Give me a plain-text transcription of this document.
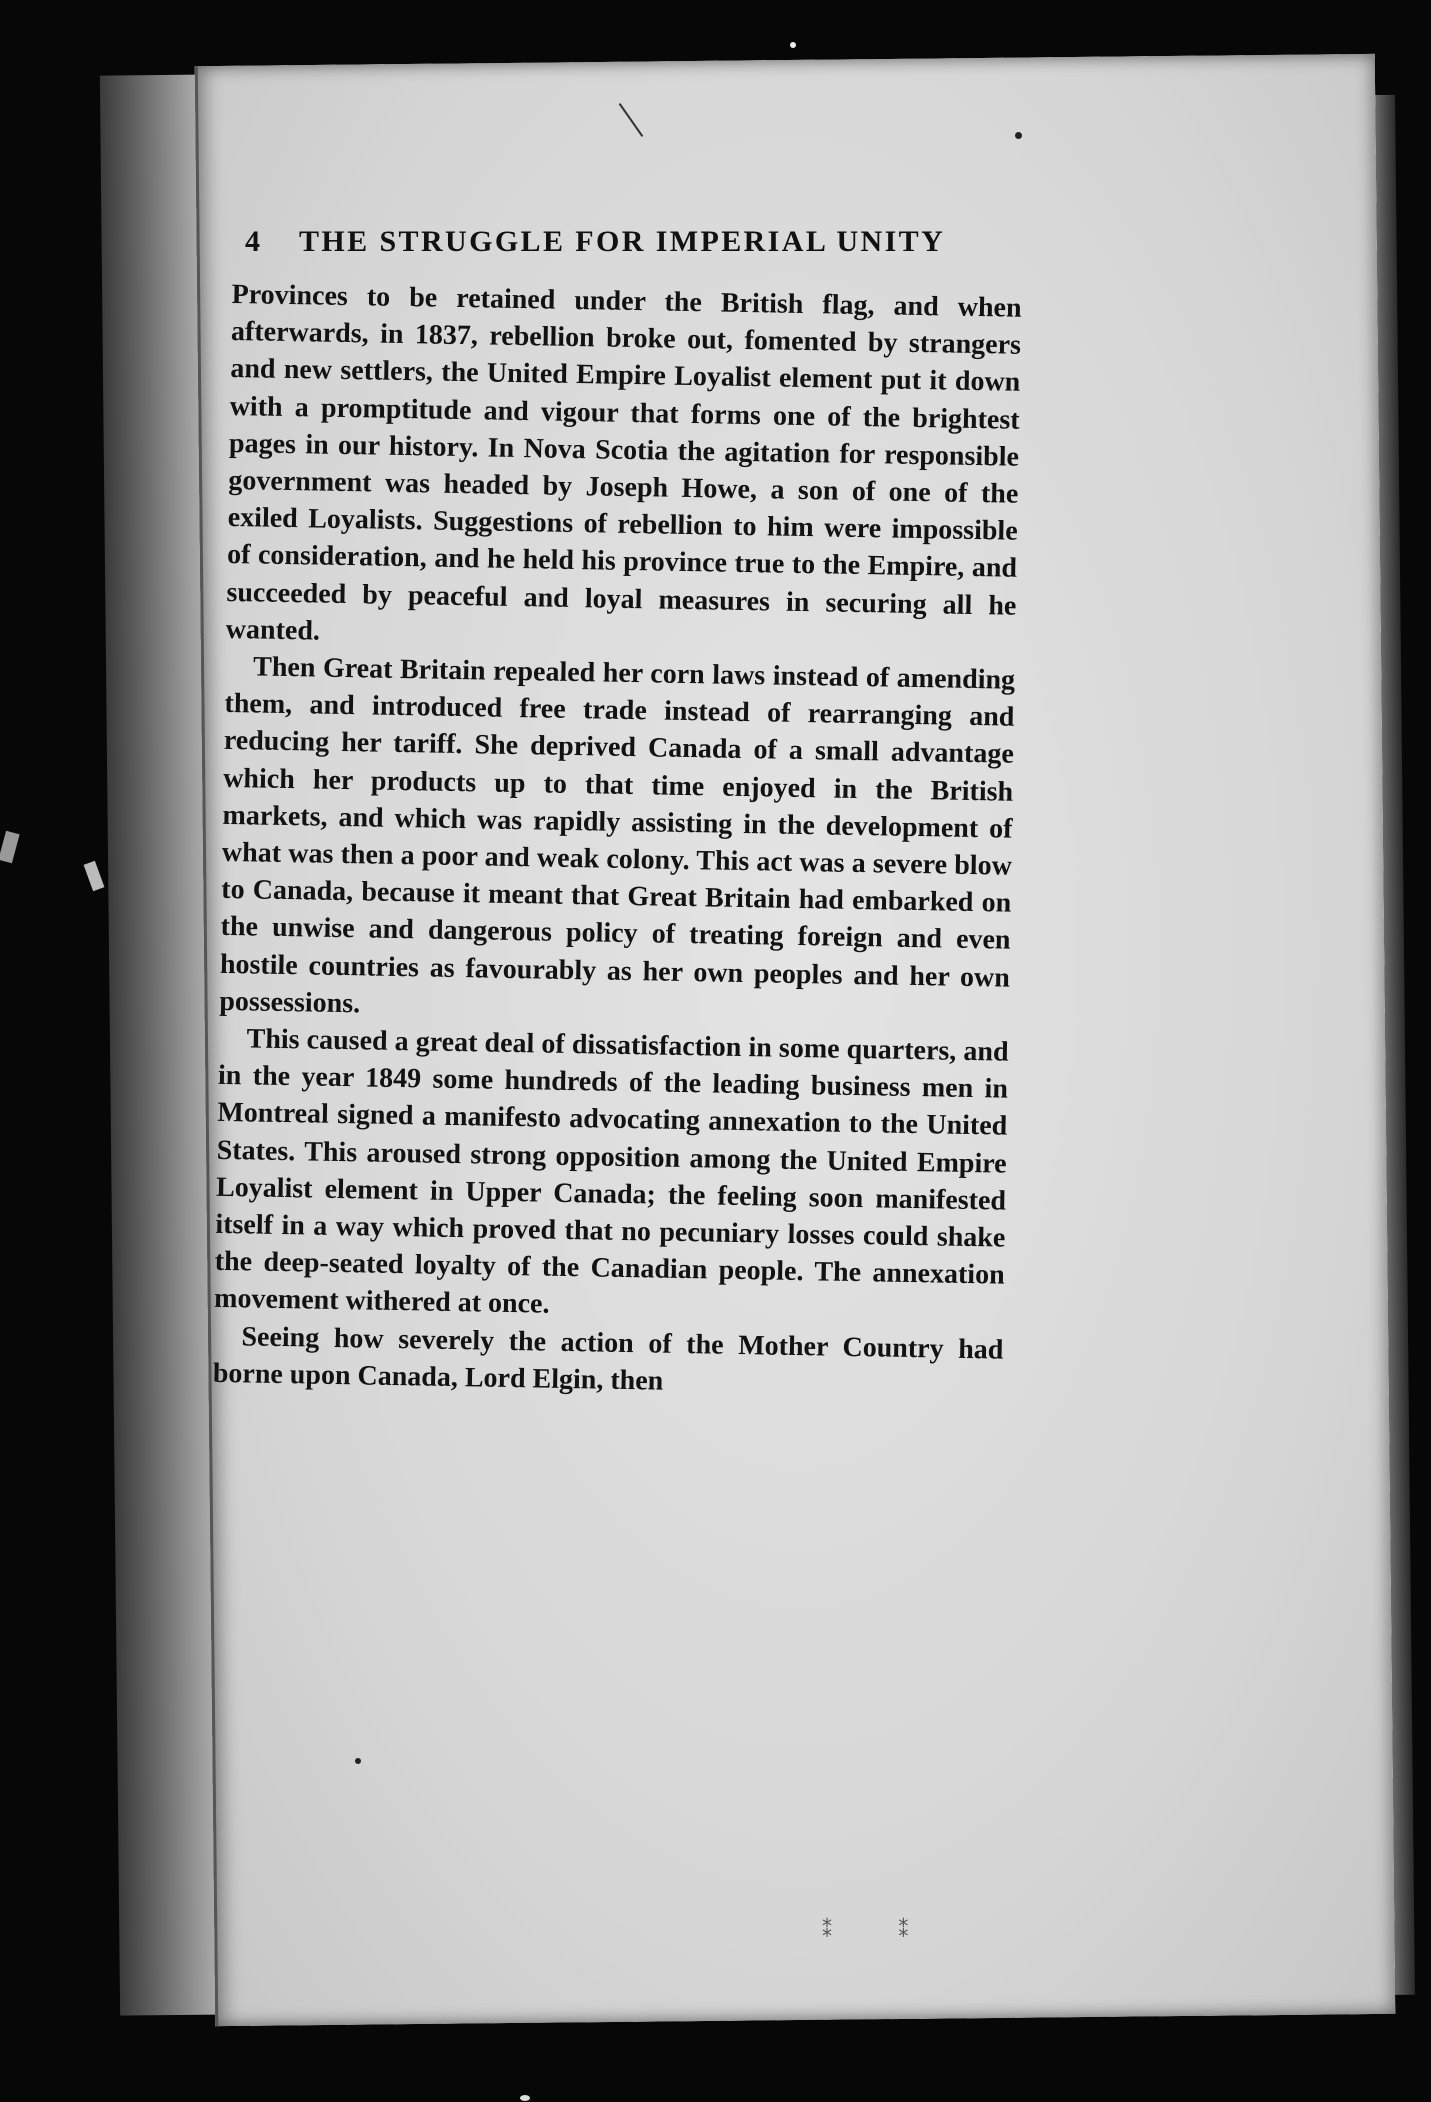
4	THE STRUGGLE FOR IMPERIAL UNITY

Provinces to be retained under the British flag, and when afterwards, in 1837, rebellion broke out, fomented by strangers and new settlers, the United Empire Loyalist element put it down with a promptitude and vigour that forms one of the brightest pages in our history. In Nova Scotia the agitation for responsible government was headed by Joseph Howe, a son of one of the exiled Loyalists. Suggestions of rebellion to him were impossible of consideration, and he held his province true to the Empire, and succeeded by peaceful and loyal measures in securing all he wanted.

Then Great Britain repealed her corn laws instead of amending them, and introduced free trade instead of rearranging and reducing her tariff. She deprived Canada of a small advantage which her products up to that time enjoyed in the British markets, and which was rapidly assisting in the development of what was then a poor and weak colony. This act was a severe blow to Canada, because it meant that Great Britain had embarked on the unwise and dangerous policy of treating foreign and even hostile countries as favourably as her own peoples and her own possessions.

This caused a great deal of dissatisfaction in some quarters, and in the year 1849 some hundreds of the leading business men in Montreal signed a manifesto advocating annexation to the United States. This aroused strong opposition among the United Empire Loyalist element in Upper Canada; the feeling soon manifested itself in a way which proved that no pecuniary losses could shake the deep-seated loyalty of the Canadian people. The annexation movement withered at once.

Seeing how severely the action of the Mother Country had borne upon Canada, Lord Elgin, then

⁑ ⁑
